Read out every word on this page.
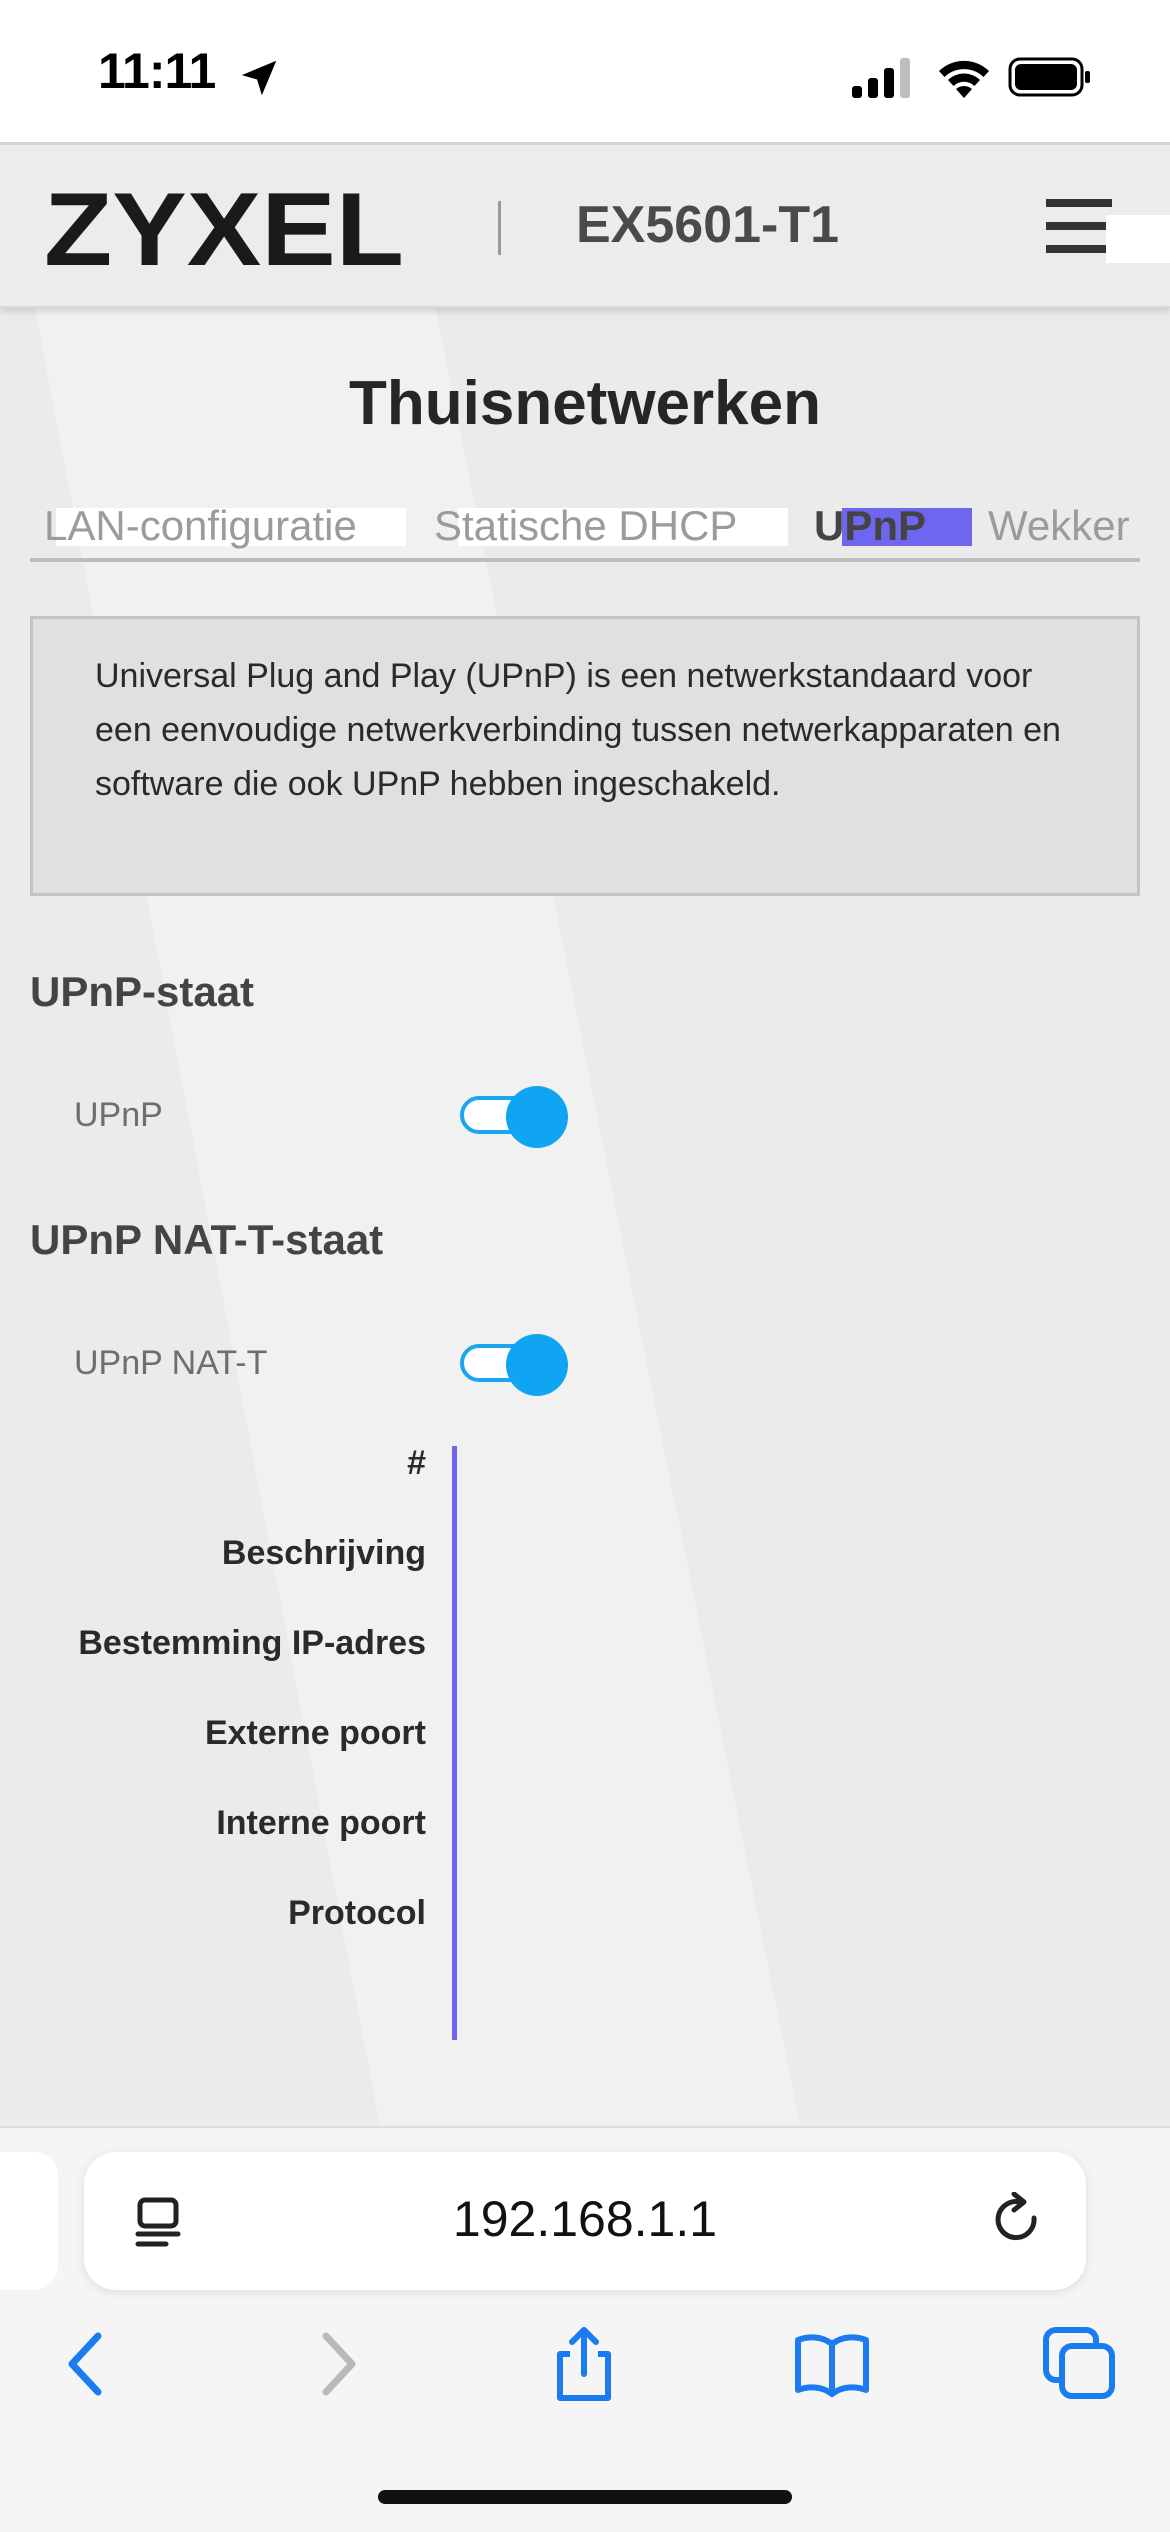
11:11
ZYXEL	EX5601-T1
Thuisnetwerken
LAN-configuratie Statische DHCP UPnP Wekker
Universal Plug and Play (UPnP) is een netwerkstandaard voor een eenvoudige netwerkverbinding tussen netwerkapparaten en software die ook UPnP hebben ingeschakeld.
UPnP-staat
UPnP
UPnP NAT-T-staat
UPnP NAT-T
#
Beschrijving
Bestemming IP-adres
Externe poort
Interne poort
Protocol
192.168.1.1
